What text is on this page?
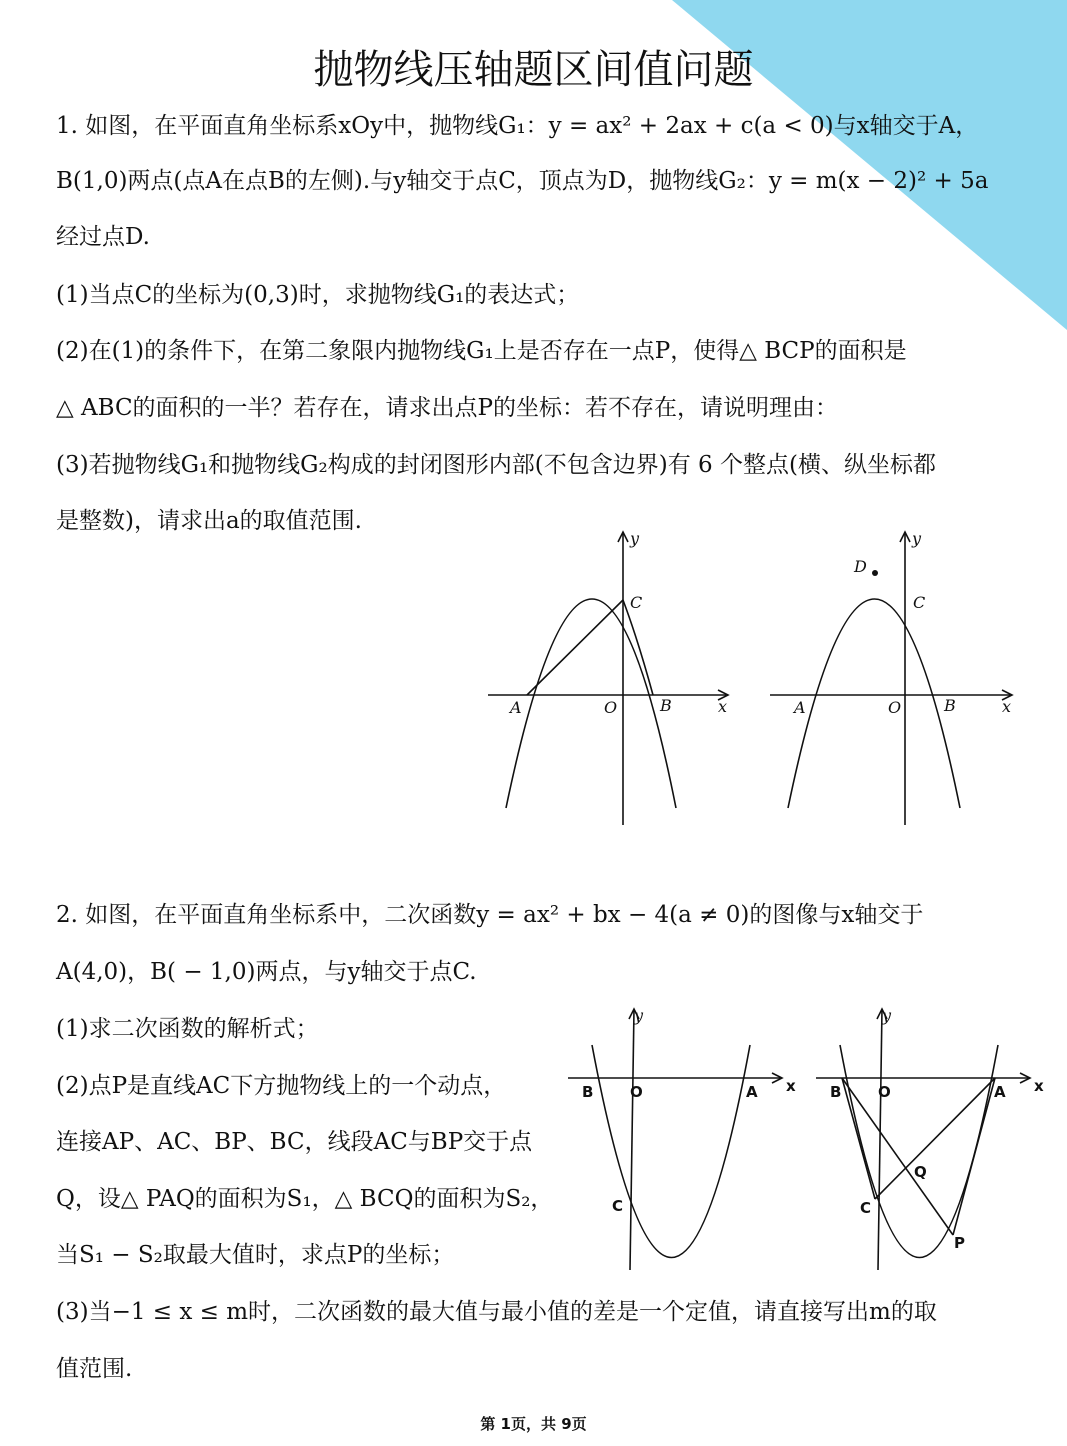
抛物线压轴题区间值问题
1. 如图，在平面直角坐标系xOy中，抛物线G₁：y = ax² + 2ax + c(a < 0)与x轴交于A，
B(1,0)两点(点A在点B的左侧).与y轴交于点C，顶点为D，抛物线G₂：y = m(x − 2)² + 5a
经过点D.
(1)当点C的坐标为(0,3)时，求抛物线G₁的表达式；
(2)在(1)的条件下，在第二象限内抛物线G₁上是否存在一点P，使得△ BCP的面积是
△ ABC的面积的一半？若存在，请求出点P的坐标：若不存在，请说明理由：
(3)若抛物线G₁和抛物线G₂构成的封闭图形内部(不包含边界)有 6 个整点(横、纵坐标都
是整数)，请求出a的取值范围.
y
x
A	O	B
C
y
x
A	O	B
C
D
2. 如图，在平面直角坐标系中，二次函数y = ax² + bx − 4(a ≠ 0)的图像与x轴交于
A(4,0)，B( − 1,0)两点，与y轴交于点C.
(1)求二次函数的解析式；
(2)点P是直线AC下方抛物线上的一个动点，
连接AP、AC、BP、BC，线段AC与BP交于点
Q，设△ PAQ的面积为S₁，△ BCQ的面积为S₂，
当S₁ − S₂取最大值时，求点P的坐标；
(3)当−1 ≤ x ≤ m时，二次函数的最大值与最小值的差是一个定值，请直接写出m的取
值范围.
y
x
B O	A
C
y
x
B O	A
C
Q
P
第 1页，共 9页
